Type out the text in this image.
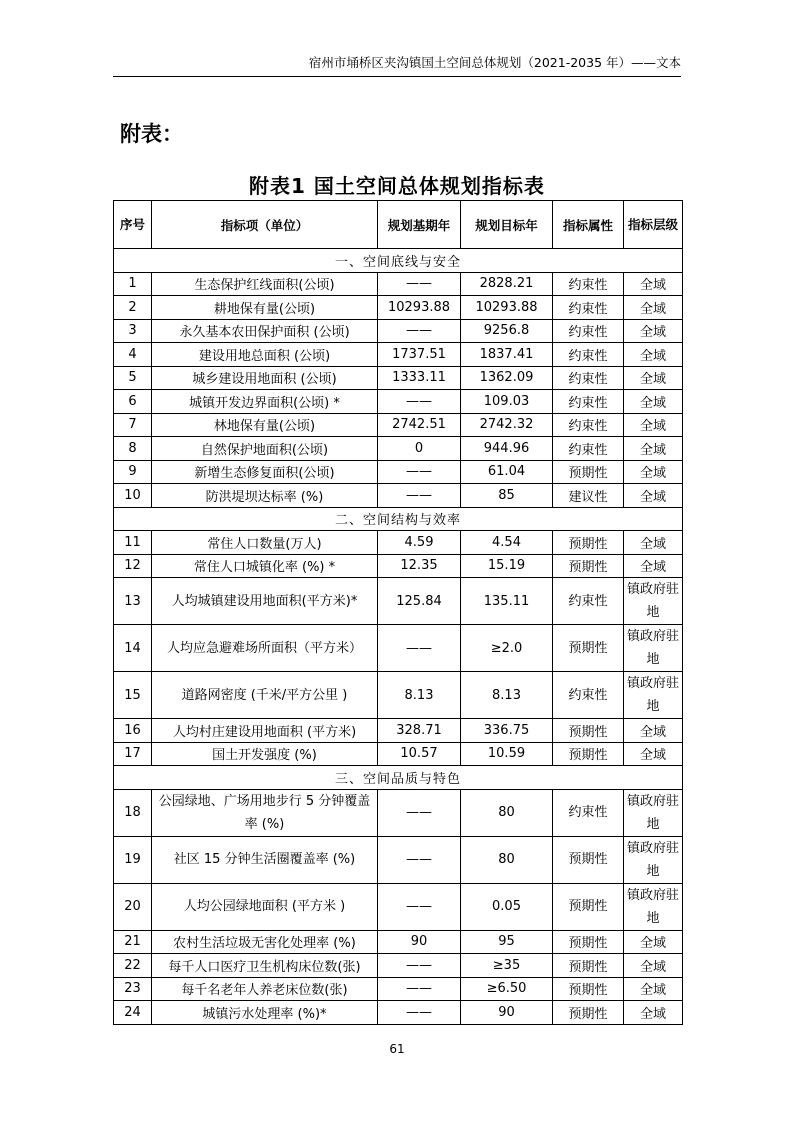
宿州市埇桥区夹沟镇国土空间总体规划（2021-2035 年）——文本
附表：
附表1 国土空间总体规划指标表
序号	指标项（单位）	规划基期年	规划目标年	指标属性	指标层级
一、空间底线与安全					
1	生态保护红线面积(公顷)	——	2828.21	约束性	全域
2	耕地保有量(公顷)	10293.88	10293.88	约束性	全域
3	永久基本农田保护面积 (公顷)	——	9256.8	约束性	全域
4	建设用地总面积 (公顷)	1737.51	1837.41	约束性	全域
5	城乡建设用地面积 (公顷)	1333.11	1362.09	约束性	全域
6	城镇开发边界面积(公顷) *	——	109.03	约束性	全域
7	林地保有量(公顷)	2742.51	2742.32	约束性	全域
8	自然保护地面积(公顷)	0	944.96	约束性	全域
9	新增生态修复面积(公顷)	——	61.04	预期性	全域
10	防洪堤坝达标率 (%)	——	85	建议性	全域
二、空间结构与效率					
11	常住人口数量(万人)	4.59	4.54	预期性	全域
12	常住人口城镇化率 (%) *	12.35	15.19	预期性	全域
13	人均城镇建设用地面积(平方米)*	125.84	135.11	约束性	镇政府驻地
14	人均应急避难场所面积（平方米）	——	≥2.0	预期性	镇政府驻地
15	道路网密度 (千米/平方公里 )	8.13	8.13	约束性	镇政府驻地
16	人均村庄建设用地面积 (平方米)	328.71	336.75	预期性	全域
17	国土开发强度 (%)	10.57	10.59	预期性	全域
三、空间品质与特色					
18	公园绿地、广场用地步行 5 分钟覆盖率 (%)	——	80	约束性	镇政府驻地
19	社区 15 分钟生活圈覆盖率 (%)	——	80	预期性	镇政府驻地
20	人均公园绿地面积 (平方米 )	——	0.05	预期性	镇政府驻地
21	农村生活垃圾无害化处理率 (%)	90	95	预期性	全域
22	每千人口医疗卫生机构床位数(张)	——	≥35	预期性	全域
23	每千名老年人养老床位数(张)	——	≥6.50	预期性	全域
24	城镇污水处理率 (%)*	——	90	预期性	全域
61
